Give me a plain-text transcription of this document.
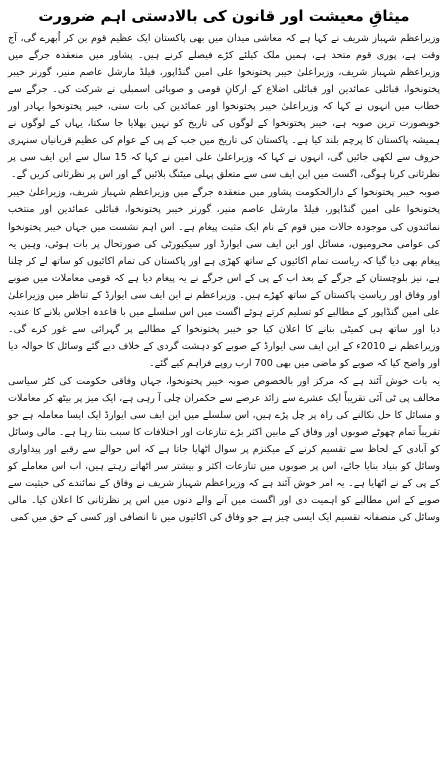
میثاقِ معیشت اور قانون کی بالادستی اہم ضرورت

وزیراعظم شہباز شریف نے کہا ہے کہ معاشی میدان میں بھی پاکستان ایک عظیم قوم بن کر اُبھرے گی، آج وقت ہے، پوری قوم متحد ہے، ہمیں ملک کیلئے کڑے فیصلے کرنے ہیں۔ پشاور میں منعقدہ جرگے میں وزیراعظم شہباز شریف، وزیراعلیٰ خیبر پختونخوا علی امین گنڈاپور، فیلڈ مارشل عاصم منیر، گورنر خیبر پختونخوا، قبائلی عمائدین اور قبائلی اضلاع کے ارکانِ قومی و صوبائی اسمبلی نے شرکت کی۔ جرگے سے خطاب میں انہوں نے کہا کہ وزیراعلیٰ خیبر پختونخوا اور عمائدین کی بات سنی، خیبر پختونخوا بہادر اور خوبصورت ترین صوبہ ہے، خیبر پختونخوا کے لوگوں کی تاریخ کو نہیں بھلایا جا سکتا، یہاں کے لوگوں نے ہمیشہ پاکستان کا پرچم بلند کیا ہے۔ پاکستان کی تاریخ میں جب کے پی کے عوام کی عظیم قربانیاں سنہری حروف سے لکھی جائیں گی، انہوں نے کہا کہ وزیراعلیٰ علی امین نے کہا کہ 15 سال سے این ایف سی پر نظرثانی کرنا ہوگی، اگست میں این ایف سی سے متعلق پہلی میٹنگ بلائیں گے اور اس پر نظرثانی کریں گے۔

صوبہ خیبر پختونخوا کے دارالحکومت پشاور میں منعقدہ جرگے میں وزیراعظم شہباز شریف، وزیراعلیٰ خیبر پختونخوا علی امین گنڈاپور، فیلڈ مارشل عاصم منیر، گورنر خیبر پختونخوا، قبائلی عمائدین اور منتخب نمائندوں کی موجودہ حالات میں قوم کے نام ایک مثبت پیغام ہے۔ اس اہم نشست میں جہاں خیبر پختونخوا کی عوامی محرومیوں، مسائل اور این ایف سی ایوارڈ اور سیکیورٹی کی صورتحال پر بات ہوئی، وہیں یہ پیغام بھی دیا گیا کہ ریاست تمام اکائیوں کے ساتھ کھڑی ہے اور پاکستان کی تمام اکائیوں کو ساتھ لے کر چلنا ہے، نیز بلوچستان کے جرگے کے بعد اب کے پی کے اس جرگے نے یہ پیغام دیا ہے کہ قومی معاملات میں صوبے اور وفاق اور ریاستِ پاکستان کے ساتھ کھڑے ہیں۔ وزیراعظم نے این ایف سی ایوارڈ کے تناظر میں وزیراعلیٰ علی امین گنڈاپور کے مطالبے کو تسلیم کرتے ہوئے اگست میں اس سلسلے میں با قاعدہ اجلاس بلانے کا عندیہ دیا اور ساتھ ہی کمیٹی بنانے کا اعلان کیا جو خیبر پختونخوا کے مطالبے پر گہرائی سے غور کرے گی۔ وزیراعظم نے 2010ء کے این ایف سی ایوارڈ کے صوبے کو دہشت گردی کے خلاف دیے گئے وسائل کا حوالہ دیا اور واضح کیا کہ صوبے کو ماضی میں بھی 700 ارب روپے فراہم کیے گئے۔

یہ بات خوش آئند ہے کہ مرکز اور بالخصوص صوبہ خیبر پختونخوا، جہاں وفاقی حکومت کی کٹر سیاسی مخالف پی ٹی آئی تقریباً ایک عشرے سے زائد عرصے سے حکمران چلی آ رہی ہے، ایک میز پر بیٹھ کر معاملات و مسائل کا حل نکالنے کی راہ پر چل پڑے ہیں، اس سلسلے میں این ایف سی ایوارڈ ایک ایسا معاملہ ہے جو تقریباً تمام چھوٹے صوبوں اور وفاق کے مابین اکثر بڑے تنازعات اور اختلافات کا سبب بنتا رہا ہے۔ مالی وسائل کو آبادی کے لحاظ سے تقسیم کرنے کے میکنزم پر سوال اٹھایا جاتا ہے کہ اس حوالے سے رقبے اور پیداواری وسائل کو بنیاد بنایا جائے، اس پر صوبوں میں تنازعات اکثر و بیشتر سر اٹھاتے رہتے ہیں، اب اس معاملے کو کے پی کے نے اٹھایا ہے۔ یہ امر خوش آئند ہے کہ وزیراعظم شہباز شریف نے وفاق کے نمائندے کی حیثیت سے صوبے کے اس مطالبے کو اہمیت دی اور اگست میں آنے والے دنوں میں اس پر نظرثانی کا اعلان کیا۔ مالی وسائل کی منصفانہ تقسیم ایک ایسی چیز ہے جو وفاق کی اکائیوں میں نا انصافی اور کسی کے حق میں کمی
